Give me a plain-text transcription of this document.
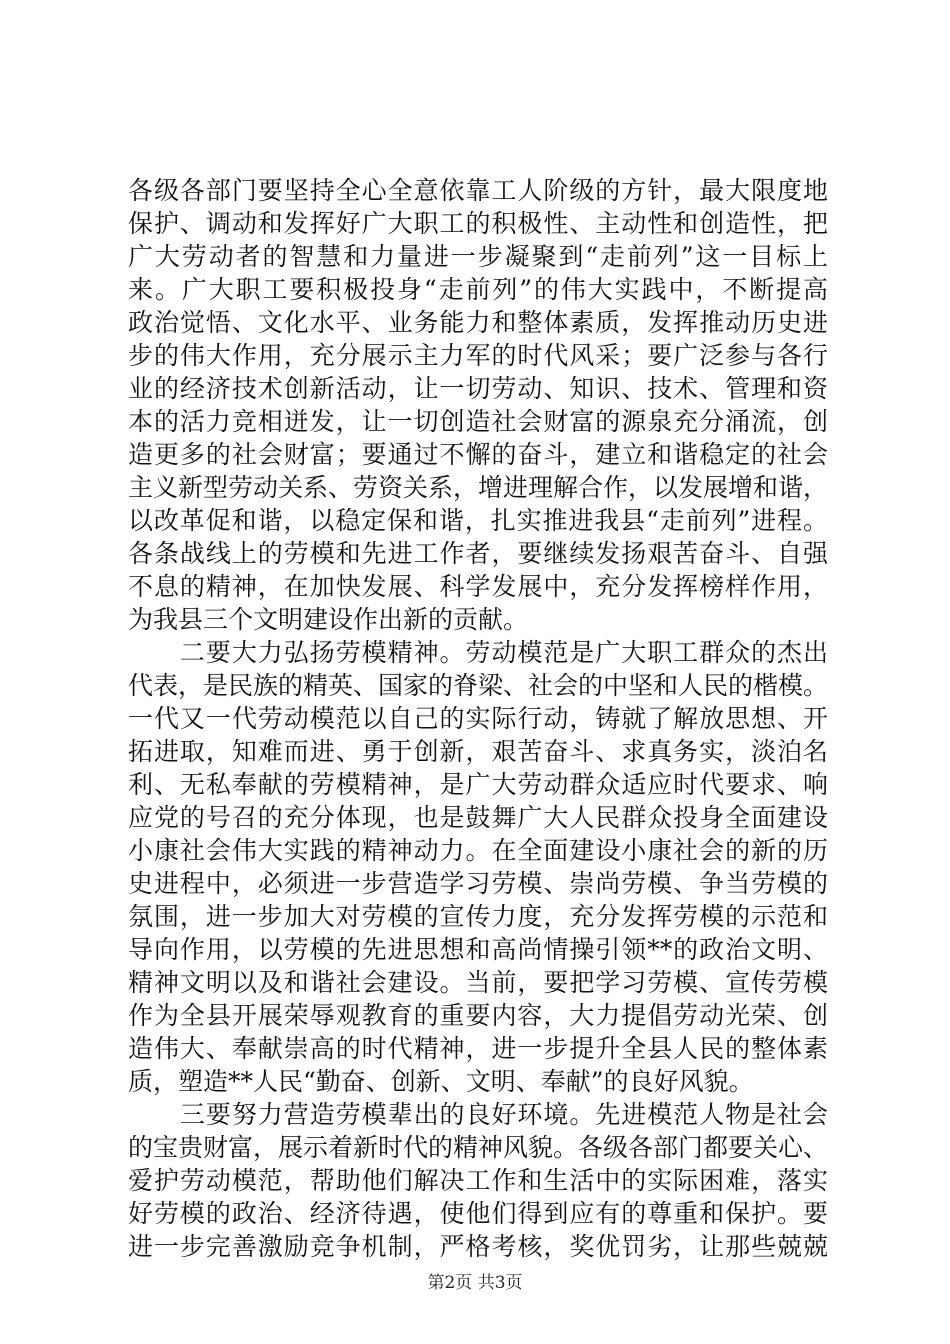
各级各部门要坚持全心全意依靠工人阶级的方针，最大限度地
保护、调动和发挥好广大职工的积极性、主动性和创造性，把
广大劳动者的智慧和力量进一步凝聚到“走前列”这一目标上
来。广大职工要积极投身“走前列”的伟大实践中，不断提高
政治觉悟、文化水平、业务能力和整体素质，发挥推动历史进
步的伟大作用，充分展示主力军的时代风采；要广泛参与各行
业的经济技术创新活动，让一切劳动、知识、技术、管理和资
本的活力竞相迸发，让一切创造社会财富的源泉充分涌流，创
造更多的社会财富；要通过不懈的奋斗，建立和谐稳定的社会
主义新型劳动关系、劳资关系，增进理解合作，以发展增和谐，
以改革促和谐，以稳定保和谐，扎实推进我县“走前列”进程。
各条战线上的劳模和先进工作者，要继续发扬艰苦奋斗、自强
不息的精神，在加快发展、科学发展中，充分发挥榜样作用，
为我县三个文明建设作出新的贡献。
　　二要大力弘扬劳模精神。劳动模范是广大职工群众的杰出
代表，是民族的精英、国家的脊梁、社会的中坚和人民的楷模。
一代又一代劳动模范以自己的实际行动，铸就了解放思想、开
拓进取，知难而进、勇于创新，艰苦奋斗、求真务实，淡泊名
利、无私奉献的劳模精神，是广大劳动群众适应时代要求、响
应党的号召的充分体现，也是鼓舞广大人民群众投身全面建设
小康社会伟大实践的精神动力。在全面建设小康社会的新的历
史进程中，必须进一步营造学习劳模、崇尚劳模、争当劳模的
氛围，进一步加大对劳模的宣传力度，充分发挥劳模的示范和
导向作用，以劳模的先进思想和高尚情操引领**的政治文明、
精神文明以及和谐社会建设。当前，要把学习劳模、宣传劳模
作为全县开展荣辱观教育的重要内容，大力提倡劳动光荣、创
造伟大、奉献崇高的时代精神，进一步提升全县人民的整体素
质，塑造**人民“勤奋、创新、文明、奉献”的良好风貌。
　　三要努力营造劳模辈出的良好环境。先进模范人物是社会
的宝贵财富，展示着新时代的精神风貌。各级各部门都要关心、
爱护劳动模范，帮助他们解决工作和生活中的实际困难，落实
好劳模的政治、经济待遇，使他们得到应有的尊重和保护。要
进一步完善激励竞争机制，严格考核，奖优罚劣，让那些兢兢
第2页 共3页
